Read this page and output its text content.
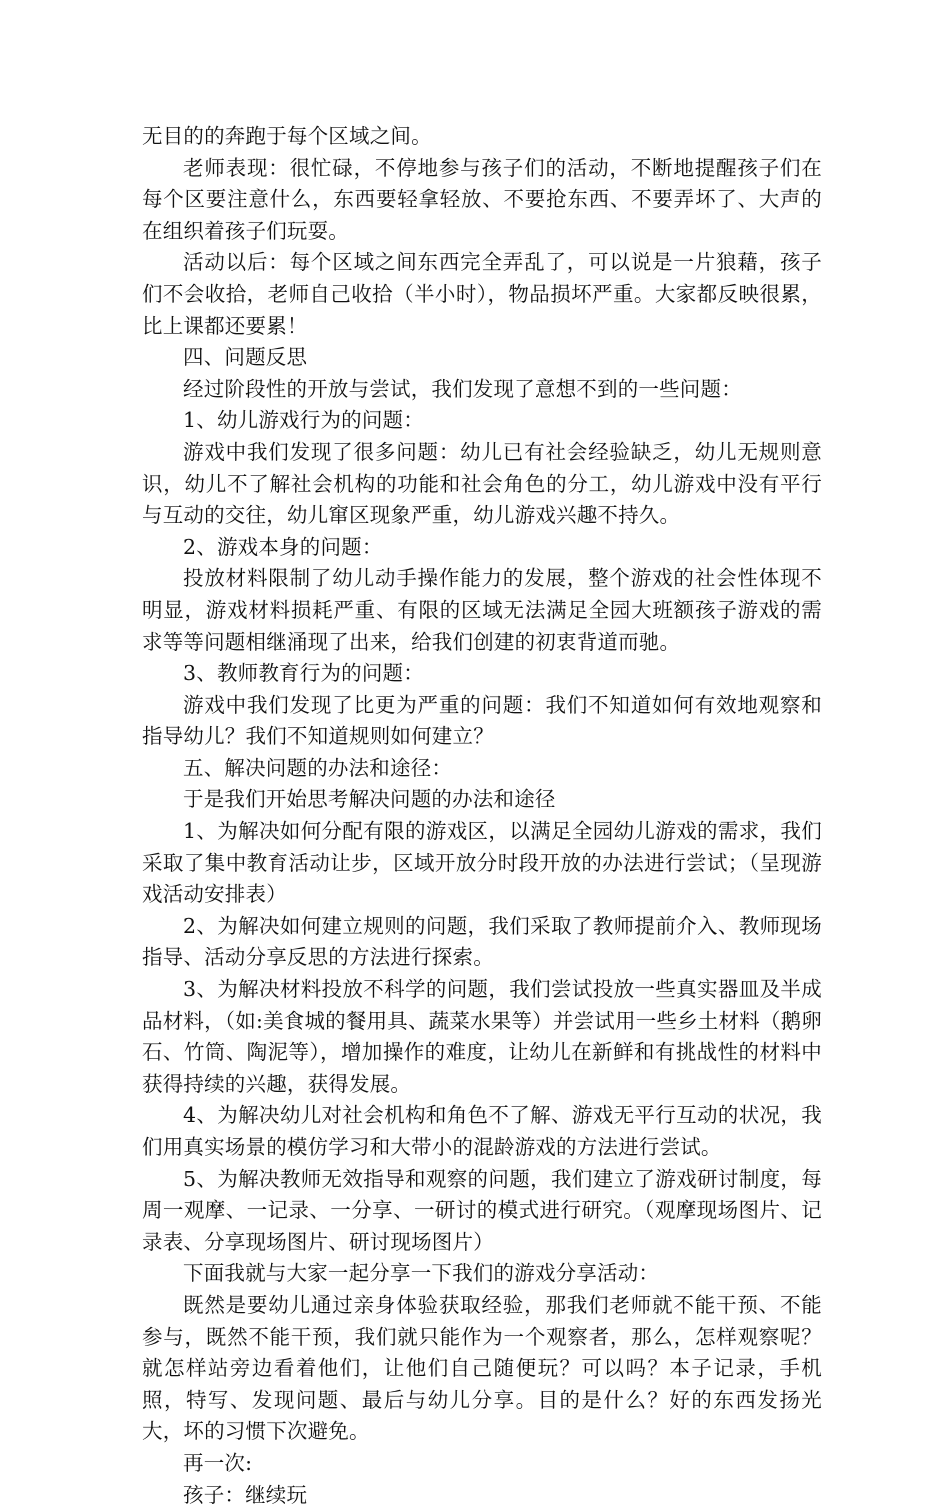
无目的的奔跑于每个区域之间。

老师表现：很忙碌，不停地参与孩子们的活动，不断地提醒孩子们在每个区要注意什么，东西要轻拿轻放、不要抢东西、不要弄坏了、大声的在组织着孩子们玩耍。

活动以后：每个区域之间东西完全弄乱了，可以说是一片狼藉，孩子们不会收拾，老师自己收拾（半小时），物品损坏严重。大家都反映很累，比上课都还要累！

四、问题反思

经过阶段性的开放与尝试，我们发现了意想不到的一些问题：

1、幼儿游戏行为的问题：

游戏中我们发现了很多问题：幼儿已有社会经验缺乏，幼儿无规则意识，幼儿不了解社会机构的功能和社会角色的分工，幼儿游戏中没有平行与互动的交往，幼儿窜区现象严重，幼儿游戏兴趣不持久。

2、游戏本身的问题：

投放材料限制了幼儿动手操作能力的发展，整个游戏的社会性体现不明显，游戏材料损耗严重、有限的区域无法满足全园大班额孩子游戏的需求等等问题相继涌现了出来，给我们创建的初衷背道而驰。

3、教师教育行为的问题：

游戏中我们发现了比更为严重的问题：我们不知道如何有效地观察和指导幼儿？我们不知道规则如何建立？

五、解决问题的办法和途径：

于是我们开始思考解决问题的办法和途径

1、为解决如何分配有限的游戏区，以满足全园幼儿游戏的需求，我们采取了集中教育活动让步，区域开放分时段开放的办法进行尝试；（呈现游戏活动安排表）

2、为解决如何建立规则的问题，我们采取了教师提前介入、教师现场指导、活动分享反思的方法进行探索。

3、为解决材料投放不科学的问题，我们尝试投放一些真实器皿及半成品材料，（如:美食城的餐用具、蔬菜水果等）并尝试用一些乡土材料（鹅卵石、竹筒、陶泥等），增加操作的难度，让幼儿在新鲜和有挑战性的材料中获得持续的兴趣，获得发展。

4、为解决幼儿对社会机构和角色不了解、游戏无平行互动的状况，我们用真实场景的模仿学习和大带小的混龄游戏的方法进行尝试。

5、为解决教师无效指导和观察的问题，我们建立了游戏研讨制度，每周一观摩、一记录、一分享、一研讨的模式进行研究。（观摩现场图片、记录表、分享现场图片、研讨现场图片）

下面我就与大家一起分享一下我们的游戏分享活动：

既然是要幼儿通过亲身体验获取经验，那我们老师就不能干预、不能参与，既然不能干预，我们就只能作为一个观察者，那么，怎样观察呢？就怎样站旁边看着他们，让他们自己随便玩？可以吗？本子记录，手机照，特写、发现问题、最后与幼儿分享。目的是什么？好的东西发扬光大，坏的习惯下次避免。

再一次:

孩子：继续玩
